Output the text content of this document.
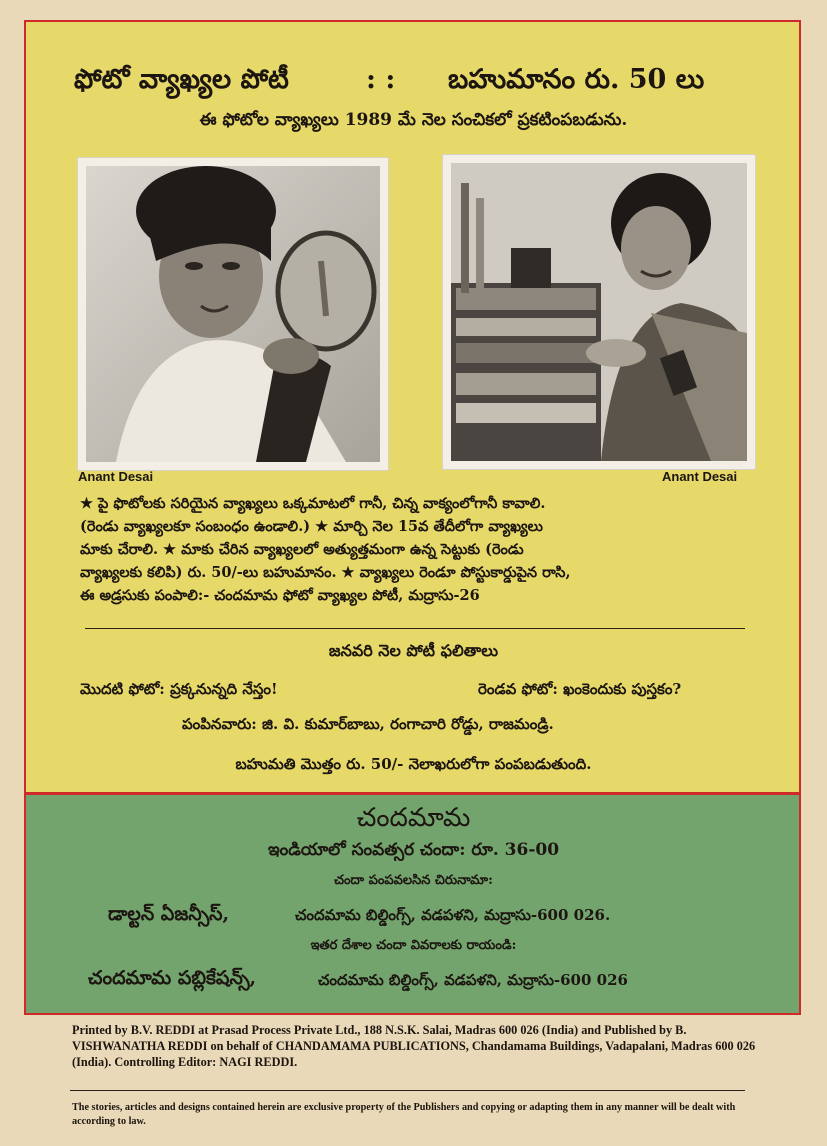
ఫోటో వ్యాఖ్యల పోటీ	: : బహుమానం రు. 50 లు
ఈ ఫోటోల వ్యాఖ్యలు 1989 మే నెల సంచికలో ప్రకటింపబడును.
Anant Desai	Anant Desai

★ పై ఫొటోలకు సరియైన వ్యాఖ్యలు ఒక్కమాటలో గానీ, చిన్న వాక్యంలోగానీ కావాలి.

(రెండు వ్యాఖ్యలకూ సంబంధం ఉండాలి.) ★ మార్చి నెల 15వ తేదీలోగా వ్యాఖ్యలు

మాకు చేరాలి. ★ మాకు చేరిన వ్యాఖ్యలలో అత్యుత్తమంగా ఉన్న సెట్టుకు (రెండు

వ్యాఖ్యలకు కలిపి) రు. 50/-లు బహుమానం. ★ వ్యాఖ్యలు రెండూ పోస్టుకార్డుపైన రాసి,

ఈ అడ్రసుకు పంపాలి:- చందమామ ఫోటో వ్యాఖ్యల పోటీ, మద్రాసు-26

జనవరి నెల పోటీ ఫలితాలు
మొదటి ఫోటో: ప్రక్కనున్నది నేస్తం!	రెండవ ఫోటో: ఖంకెందుకు పుస్తకం?
పంపినవారు: జి. వి. కుమార్‌బాబు, రంగాచారి రోడ్డు, రాజమండ్రి.
బహుమతి మొత్తం రు. 50/- నెలాఖరులోగా పంపబడుతుంది.
చందమామ
ఇండియాలో సంవత్సర చందా: రూ. 36-00
చందా పంపవలసిన చిరునామా:
డాల్టన్ ఏజన్సీస్,	చందమామ బిల్డింగ్స్, వడపళని, మద్రాసు-600 026.
ఇతర దేశాల చందా వివరాలకు రాయండి:
చందమామ పబ్లికేషన్స్,	చందమామ బిల్డింగ్స్, వడపళని, మద్రాసు-600 026
Printed by B.V. REDDI at Prasad Process Private Ltd., 188 N.S.K. Salai, Madras 600 026 (India) and Published by B. VISHWANATHA REDDI on behalf of CHANDAMAMA PUBLICATIONS, Chandamama Buildings, Vadapalani, Madras 600 026 (India). Controlling Editor: NAGI REDDI.
The stories, articles and designs contained herein are exclusive property of the Publishers and copying or adapting them in any manner will be dealt with according to law.
